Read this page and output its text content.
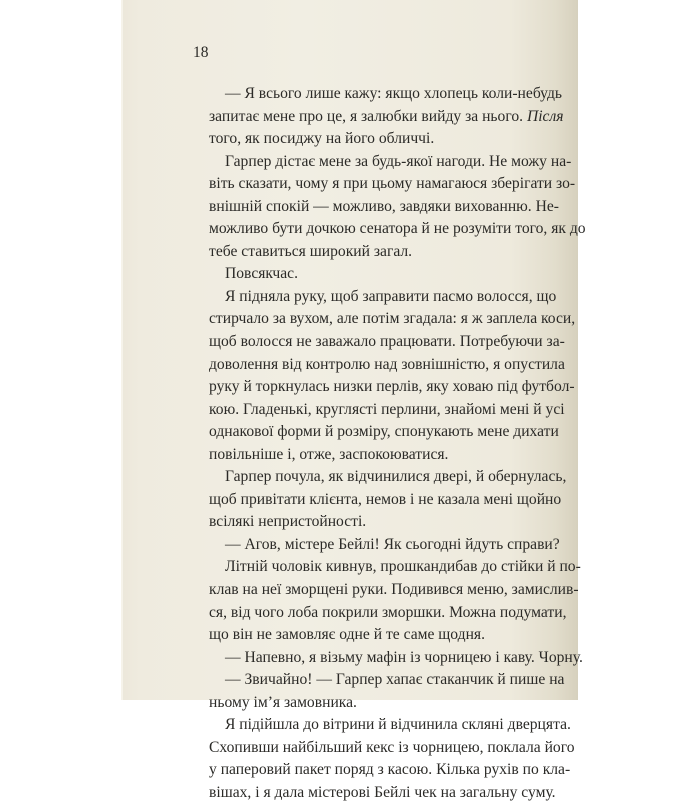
18
— Я всього лише кажу: якщо хлопець коли-небудь
запитає мене про це, я залюбки вийду за нього. Після
того, як посиджу на його обличчі.
Гарпер дістає мене за будь-якої нагоди. Не можу на-
віть сказати, чому я при цьому намагаюся зберігати зо-
внішній спокій — можливо, завдяки вихованню. Не-
можливо бути дочкою сенатора й не розуміти того, як до
тебе ставиться широкий загал.
Повсякчас.
Я підняла руку, щоб заправити пасмо волосся, що
стирчало за вухом, але потім згадала: я ж заплела коси,
щоб волосся не заважало працювати. Потребуючи за-
доволення від контролю над зовнішністю, я опустила
руку й торкнулась низки перлів, яку ховаю під футбол-
кою. Гладенькі, круглясті перлини, знайомі мені й усі
однакової форми й розміру, спонукають мене дихати
повільніше і, отже, заспокоюватися.
Гарпер почула, як відчинилися двері, й обернулась,
щоб привітати клієнта, немов і не казала мені щойно
всілякі непристойності.
— Агов, містере Бейлі! Як сьогодні йдуть справи?
Літній чоловік кивнув, прошкандибав до стійки й по-
клав на неї зморщені руки. Подивився меню, замислив-
ся, від чого лоба покрили зморшки. Можна подумати,
що він не замовляє одне й те саме щодня.
— Напевно, я візьму мафін із чорницею і каву. Чорну.
— Звичайно! — Гарпер хапає стаканчик й пише на
ньому ім’я замовника.
Я підійшла до вітрини й відчинила скляні дверцята.
Схопивши найбільший кекс із чорницею, поклала його
у паперовий пакет поряд з касою. Кілька рухів по кла-
вішах, і я дала містерові Бейлі чек на загальну суму.
